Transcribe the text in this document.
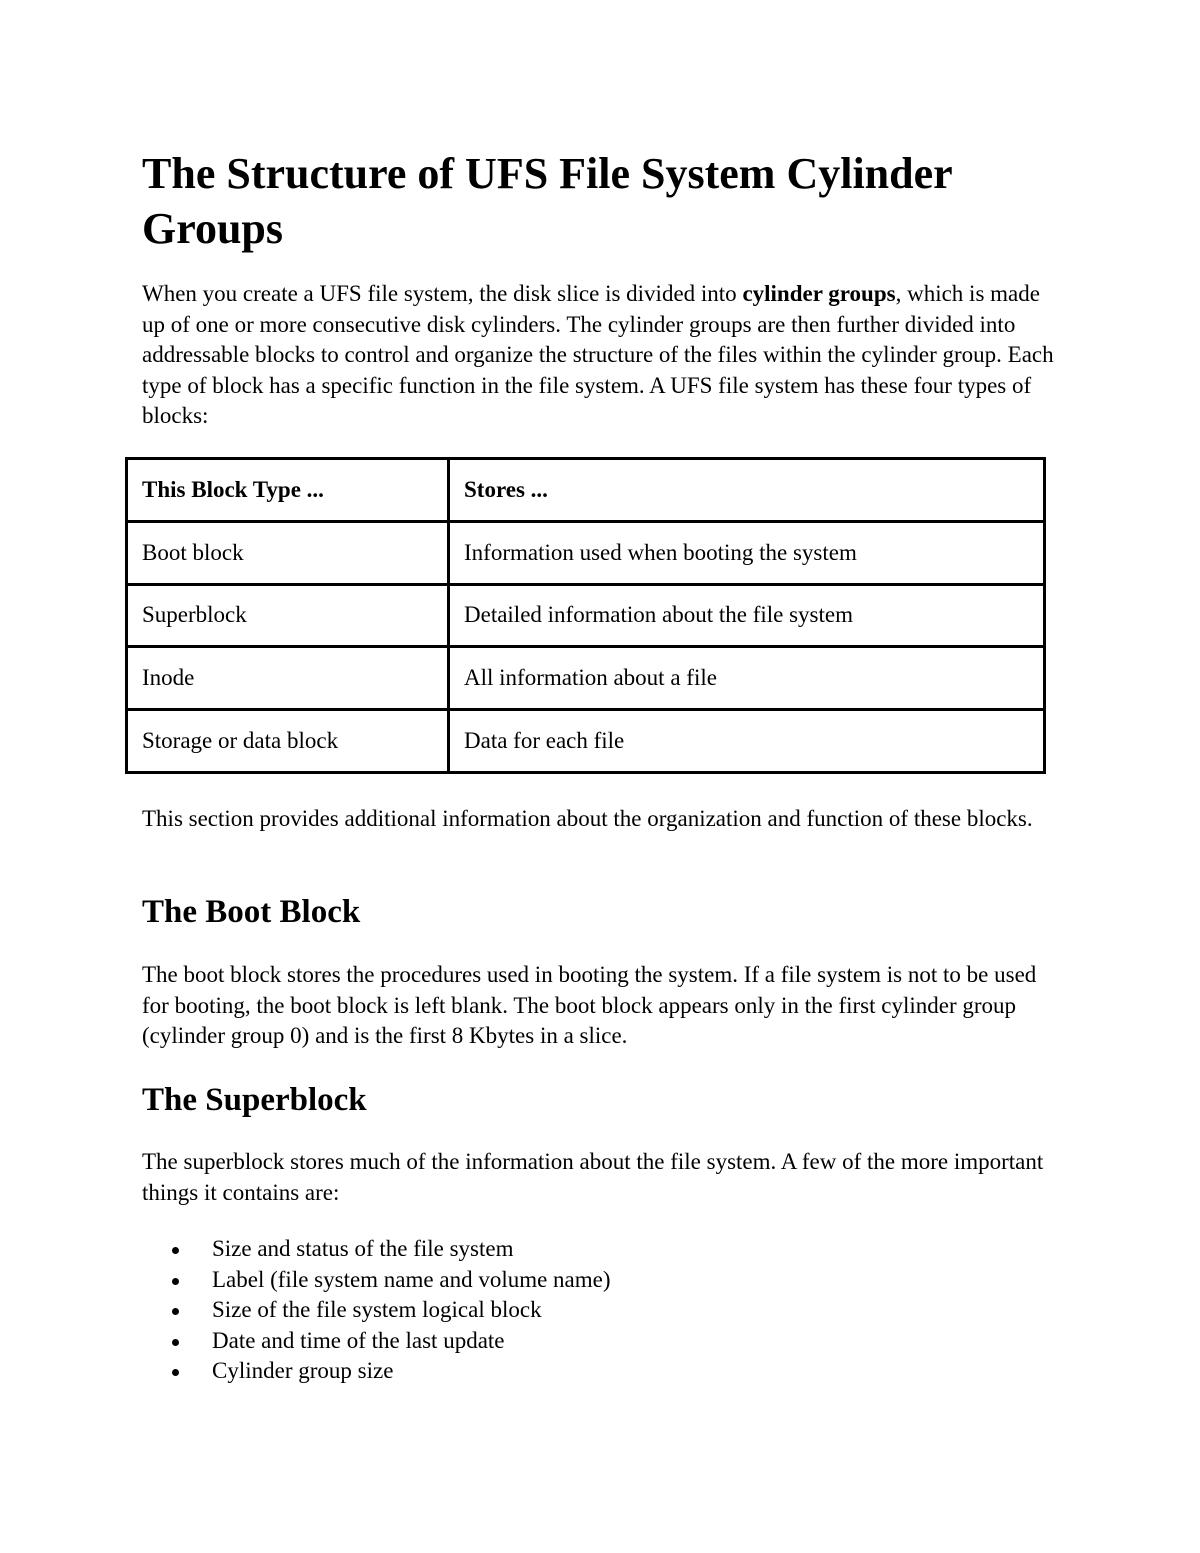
The Structure of UFS File System Cylinder Groups

When you create a UFS file system, the disk slice is divided into cylinder groups, which is made up of one or more consecutive disk cylinders. The cylinder groups are then further divided into addressable blocks to control and organize the structure of the files within the cylinder group. Each type of block has a specific function in the file system. A UFS file system has these four types of blocks:

This Block Type ...	Stores ...
Boot block	Information used when booting the system
Superblock	Detailed information about the file system
Inode	All information about a file
Storage or data block	Data for each file

This section provides additional information about the organization and function of these blocks.

The Boot Block

The boot block stores the procedures used in booting the system. If a file system is not to be used for booting, the boot block is left blank. The boot block appears only in the first cylinder group (cylinder group 0) and is the first 8 Kbytes in a slice.

The Superblock

The superblock stores much of the information about the file system. A few of the more important things it contains are:

Size and status of the file system
Label (file system name and volume name)
Size of the file system logical block
Date and time of the last update
Cylinder group size
